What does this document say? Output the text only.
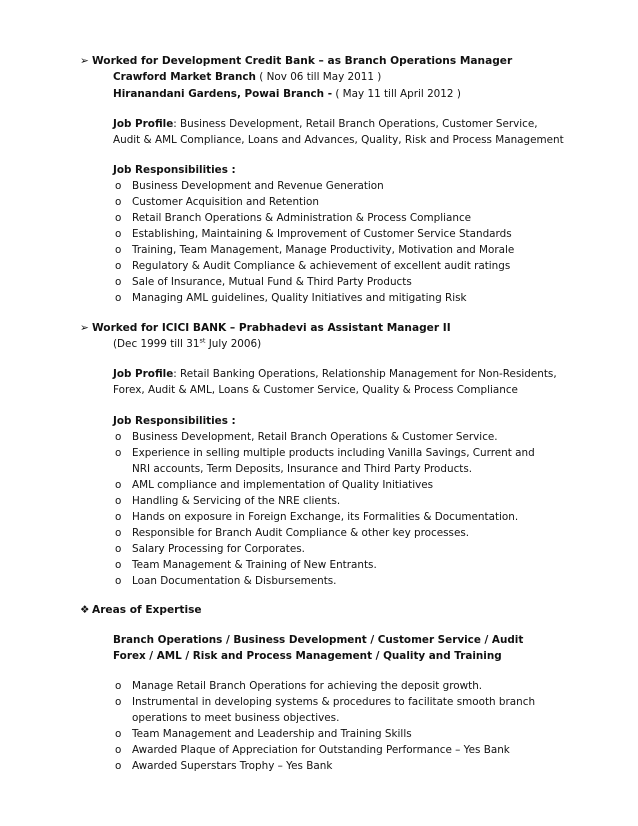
➢ Worked for Development Credit Bank – as Branch Operations Manager
Crawford Market Branch ( Nov 06 till May 2011 )
Hiranandani Gardens, Powai Branch - ( May 11 till April 2012 )
Job Profile: Business Development, Retail Branch Operations, Customer Service,
Audit & AML Compliance, Loans and Advances, Quality, Risk and Process Management
Job Responsibilities :
o Business Development and Revenue Generation
o Customer Acquisition and Retention
o Retail Branch Operations & Administration & Process Compliance
o Establishing, Maintaining & Improvement of Customer Service Standards
o Training, Team Management, Manage Productivity, Motivation and Morale
o Regulatory & Audit Compliance & achievement of excellent audit ratings
o Sale of Insurance, Mutual Fund & Third Party Products
o Managing AML guidelines, Quality Initiatives and mitigating Risk
➢ Worked for ICICI BANK – Prabhadevi as Assistant Manager II
(Dec 1999 till 31st July 2006)
Job Profile: Retail Banking Operations, Relationship Management for Non-Residents,
Forex, Audit & AML, Loans & Customer Service, Quality & Process Compliance
Job Responsibilities :
o Business Development, Retail Branch Operations & Customer Service.
o Experience in selling multiple products including Vanilla Savings, Current and
NRI accounts, Term Deposits, Insurance and Third Party Products.
o AML compliance and implementation of Quality Initiatives
o Handling & Servicing of the NRE clients.
o Hands on exposure in Foreign Exchange, its Formalities & Documentation.
o Responsible for Branch Audit Compliance & other key processes.
o Salary Processing for Corporates.
o Team Management & Training of New Entrants.
o Loan Documentation & Disbursements.
❖ Areas of Expertise
Branch Operations / Business Development / Customer Service / Audit
Forex / AML / Risk and Process Management / Quality and Training
o Manage Retail Branch Operations for achieving the deposit growth.
o Instrumental in developing systems & procedures to facilitate smooth branch
operations to meet business objectives.
o Team Management and Leadership and Training Skills
o Awarded Plaque of Appreciation for Outstanding Performance – Yes Bank
o Awarded Superstars Trophy – Yes Bank
